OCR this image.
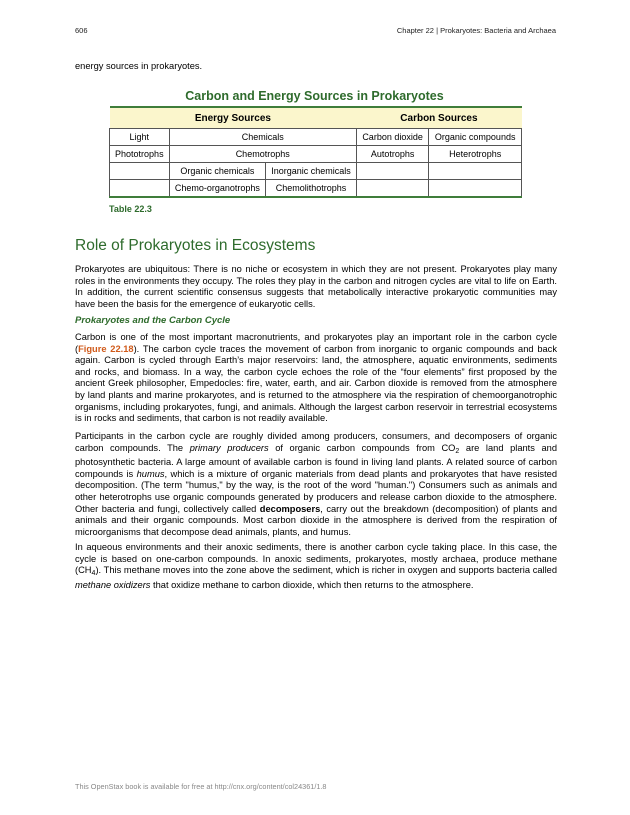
606	Chapter 22 | Prokaryotes: Bacteria and Archaea

energy sources in prokaryotes.

Carbon and Energy Sources in Prokaryotes
Energy Sources			Carbon Sources	
Light	Chemicals		Carbon dioxide	Organic compounds
Phototrophs	Chemotrophs		Autotrophs	Heterotrophs
	Organic chemicals	Inorganic chemicals		
	Chemo-organotrophs	Chemolithotrophs		
Table 22.3
Role of Prokaryotes in Ecosystems

Prokaryotes are ubiquitous: There is no niche or ecosystem in which they are not present. Prokaryotes play many roles in the environments they occupy. The roles they play in the carbon and nitrogen cycles are vital to life on Earth. In addition, the current scientific consensus suggests that metabolically interactive prokaryotic communities may have been the basis for the emergence of eukaryotic cells.

Prokaryotes and the Carbon Cycle

Carbon is one of the most important macronutrients, and prokaryotes play an important role in the carbon cycle (Figure 22.18). The carbon cycle traces the movement of carbon from inorganic to organic compounds and back again. Carbon is cycled through Earth’s major reservoirs: land, the atmosphere, aquatic environments, sediments and rocks, and biomass. In a way, the carbon cycle echoes the role of the “four elements” first proposed by the ancient Greek philosopher, Empedocles: fire, water, earth, and air. Carbon dioxide is removed from the atmosphere by land plants and marine prokaryotes, and is returned to the atmosphere via the respiration of chemoorganotrophic organisms, including prokaryotes, fungi, and animals. Although the largest carbon reservoir in terrestrial ecosystems is in rocks and sediments, that carbon is not readily available.

Participants in the carbon cycle are roughly divided among producers, consumers, and decomposers of organic carbon compounds. The primary producers of organic carbon compounds from $CO_2$ are land plants and photosynthetic bacteria. A large amount of available carbon is found in living land plants. A related source of carbon compounds is humus, which is a mixture of organic materials from dead plants and prokaryotes that have resisted decomposition. (The term "humus," by the way, is the root of the word "human.") Consumers such as animals and other heterotrophs use organic compounds generated by producers and release carbon dioxide to the atmosphere. Other bacteria and fungi, collectively called decomposers, carry out the breakdown (decomposition) of plants and animals and their organic compounds. Most carbon dioxide in the atmosphere is derived from the respiration of microorganisms that decompose dead animals, plants, and humus.

In aqueous environments and their anoxic sediments, there is another carbon cycle taking place. In this case, the cycle is based on one-carbon compounds. In anoxic sediments, prokaryotes, mostly archaea, produce methane $(CH_4)$. This methane moves into the zone above the sediment, which is richer in oxygen and supports bacteria called methane oxidizers that oxidize methane to carbon dioxide, which then returns to the atmosphere.

This OpenStax book is available for free at http://cnx.org/content/col24361/1.8
